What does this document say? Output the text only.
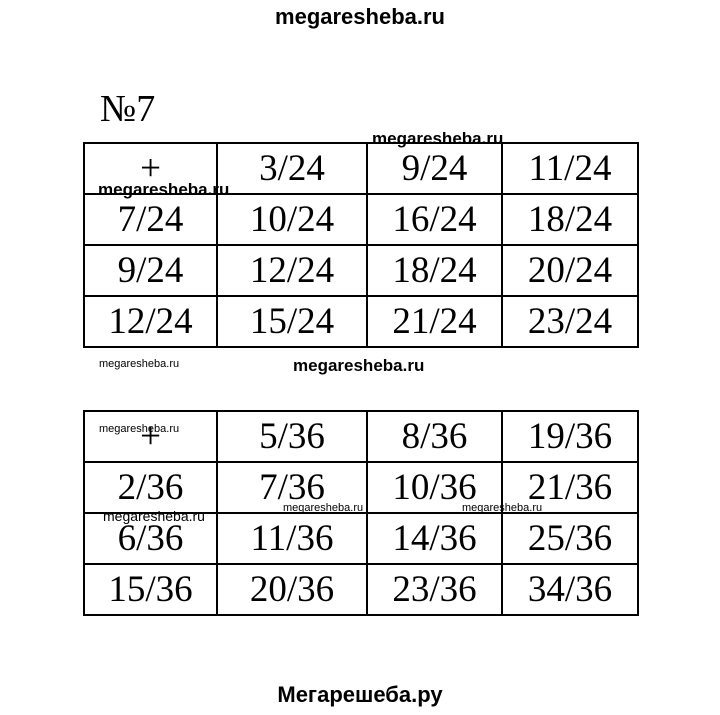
megaresheba.ru
№7
+	3/24	9/24	11/24
7/24	10/24	16/24	18/24
9/24	12/24	18/24	20/24
12/24	15/24	21/24	23/24
+	5/36	8/36	19/36
2/36	7/36	10/36	21/36
6/36	11/36	14/36	25/36
15/36	20/36	23/36	34/36
megaresheba.ru
megaresheba.ru
megaresheba.ru	megaresheba.ru
megaresheba.ru
megaresheba.ru	megaresheba.ru	megaresheba.ru
Мегарешеба.ру
